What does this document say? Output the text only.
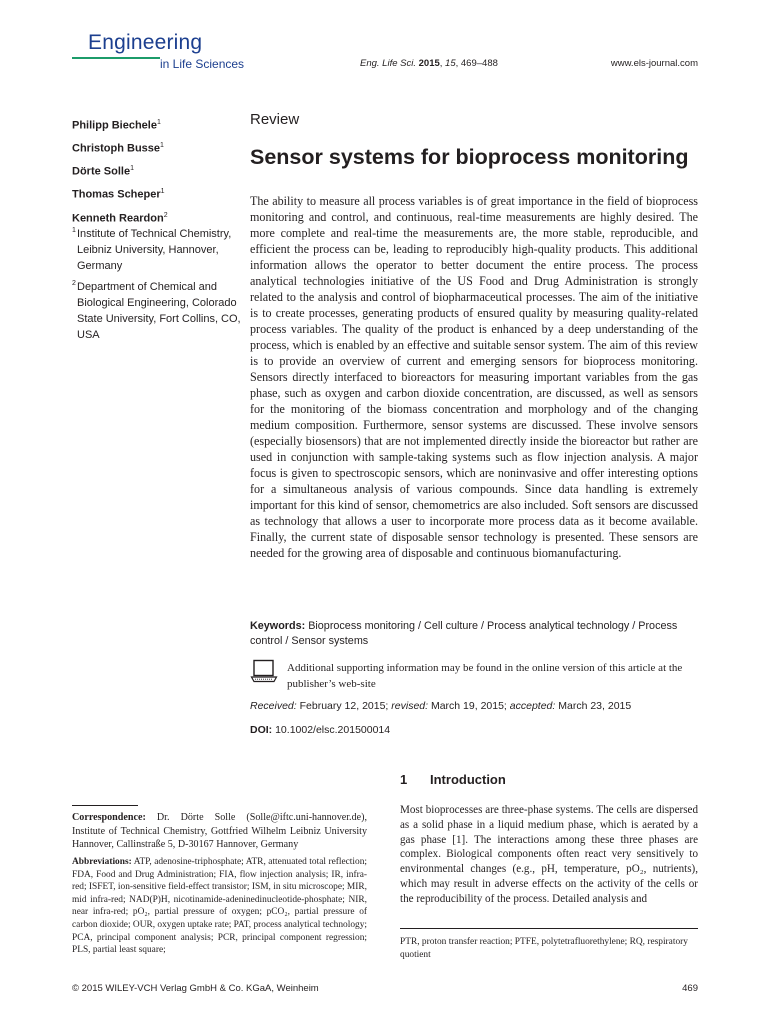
Engineering
in Life Sciences	Eng. Life Sci. 2015, 15, 469–488	www.els-journal.com
Philipp Biechele$^1$
Christoph Busse$^1$
Dörte Solle$^1$
Thomas Scheper$^1$
Kenneth Reardon$^2$
1 Institute of Technical Chemistry, Leibniz University, Hannover, Germany
2 Department of Chemical and Biological Engineering, Colorado State University, Fort Collins, CO, USA
Review
Sensor systems for bioprocess monitoring
The ability to measure all process variables is of great importance in the field of bioprocess monitoring and control, and continuous, real-time measurements are highly desired. The more complete and real-time the measurements are, the more stable, reproducible, and efficient the process can be, leading to reproducibly high-quality products. This additional information allows the operator to better document the entire process. The process analytical technologies initiative of the US Food and Drug Administration is strongly related to the analysis and control of biopharmaceutical processes. The aim of the initiative is to create processes, generating products of ensured quality by measuring quality-related process variables. The quality of the product is enhanced by a deep understanding of the process, which is enabled by an effective and suitable sensor system. The aim of this review is to provide an overview of current and emerging sensors for bioprocess monitoring. Sensors directly interfaced to bioreactors for measuring important variables from the gas phase, such as oxygen and carbon dioxide concentration, are discussed, as well as sensors for the monitoring of the biomass concentration and morphology and of the changing medium composition. Furthermore, sensor systems are discussed. These involve sensors (especially biosensors) that are not implemented directly inside the bioreactor but rather are used in conjunction with sample-taking systems such as flow injection analysis. A major focus is given to spectroscopic sensors, which are noninvasive and offer interesting options for a simultaneous analysis of various compounds. Since data handling is extremely important for this kind of sensor, chemometrics are also included. Soft sensors are discussed as technology that allows a user to incorporate more process data as it become available. Finally, the current state of disposable sensor technology is presented. These sensors are needed for the growing area of disposable and continuous biomanufacturing.
Keywords: Bioprocess monitoring / Cell culture / Process analytical technology / Process control / Sensor systems
Additional supporting information may be found in the online version of this article at the publisher’s web-site
Received: February 12, 2015; revised: March 19, 2015; accepted: March 23, 2015
DOI: 10.1002/elsc.201500014
1 Introduction
Most bioprocesses are three-phase systems. The cells are dispersed as a solid phase in a liquid medium phase, which is aerated by a gas phase [1]. The interactions among these three phases are complex. Biological components often react very sensitively to environmental changes (e.g., pH, temperature, pO₂, nutrients), which may result in adverse effects on the activity of the cells or the reproducibility of the process. Detailed analysis and
Correspondence: Dr. Dörte Solle (Solle@iftc.uni-hannover.de), Institute of Technical Chemistry, Gottfried Wilhelm Leibniz University Hannover, Callinstraße 5, D-30167 Hannover, Germany
Abbreviations: ATP, adenosine-triphosphate; ATR, attenuated total reflection; FDA, Food and Drug Administration; FIA, flow injection analysis; IR, infra-red; ISFET, ion-sensitive field-effect transistor; ISM, in situ microscope; MIR, mid infra-red; NAD(P)H, nicotinamide-adeninedinucleotide-phosphate; NIR, near infra-red; pO₂, partial pressure of oxygen; pCO₂, partial pressure of carbon dioxide; OUR, oxygen uptake rate; PAT, process analytical technology; PCA, principal component analysis; PCR, principal component regression; PLS, partial least square;
PTR, proton transfer reaction; PTFE, polytetrafluorethylene; RQ, respiratory quotient
© 2015 WILEY-VCH Verlag GmbH & Co. KGaA, Weinheim	469
